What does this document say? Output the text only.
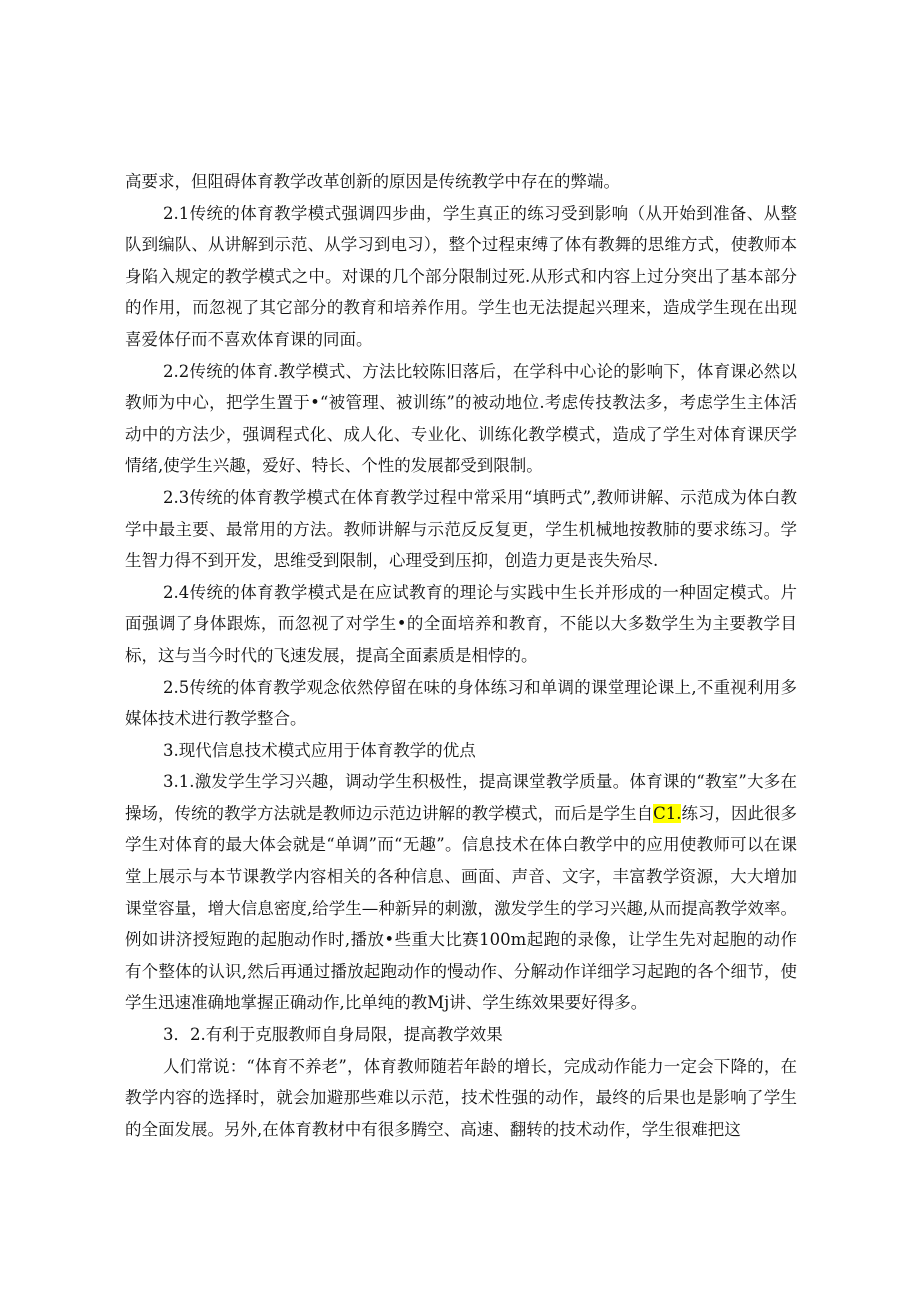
高要求，但阻碍体育教学改革创新的原因是传统教学中存在的弊端。

2.1传统的体育教学模式强调四步曲，学生真正的练习受到影响（从开始到准备、从整队到编队、从讲解到示范、从学习到电习），整个过程束缚了体有教舞的思维方式，使教师本身陷入规定的教学模式之中。对课的几个部分限制过死.从形式和内容上过分突出了基本部分的作用，而忽视了其它部分的教育和培养作用。学生也无法提起兴理来，造成学生现在出现喜爱体仔而不喜欢体育课的同面。

2.2传统的体育.教学模式、方法比较陈旧落后，在学科中心论的影响下，体育课必然以教师为中心，把学生置于•“被管理、被训练”的被动地位.考虑传技教法多，考虑学生主体活动中的方法少，强调程式化、成人化、专业化、训练化教学模式，造成了学生对体育课厌学情绪,使学生兴趣，爱好、特长、个性的发展都受到限制。

2.3传统的体育教学模式在体育教学过程中常采用“填眄式”,教师讲解、示范成为体白教学中最主要、最常用的方法。教师讲解与示范反反复更，学生机械地按教肺的要求练习。学生智力得不到开发，思维受到限制，心理受到压抑，创造力更是丧失殆尽.

2.4传统的体育教学模式是在应试教育的理论与实践中生长并形成的一种固定模式。片面强调了身体跟炼，而忽视了对学生•的全面培养和教育，不能以大多数学生为主要教学目标，这与当今时代的飞速发展，提高全面素质是相悖的。

2.5传统的体育教学观念依然停留在味的身体练习和单调的课堂理论课上,不重视利用多媒体技术进行教学整合。

3.现代信息技术模式应用于体育教学的优点

3.1.激发学生学习兴趣，调动学生积极性，提高课堂教学质量。体育课的“教室”大多在操场，传统的教学方法就是教师边示范边讲解的教学模式，而后是学生自C1.练习，因此很多学生对体育的最大体会就是“单调”而“无趣”。信息技术在体白教学中的应用使教师可以在课堂上展示与本节课教学内容相关的各种信息、画面、声音、文字，丰富教学资源，大大增加课堂容量，增大信息密度,给学生—种新异的刺激，激发学生的学习兴趣,从而提高教学效率。例如讲济授短跑的起胞动作时,播放•些重大比赛100m起跑的录像，让学生先对起胞的动作有个整体的认识,然后再通过播放起跑动作的慢动作、分解动作详细学习起跑的各个细节，使学生迅速准确地掌握正确动作,比单纯的教Mj讲、学生练效果要好得多。

3．2.有利于克服教师自身局限，提高教学效果

人们常说：“体育不养老”，体育教师随若年龄的增长，完成动作能力一定会下降的，在教学内容的选择时，就会加避那些难以示范，技术性强的动作，最终的后果也是影响了学生的全面发展。另外,在体育教材中有很多腾空、高速、翻转的技术动作，学生很难把这
